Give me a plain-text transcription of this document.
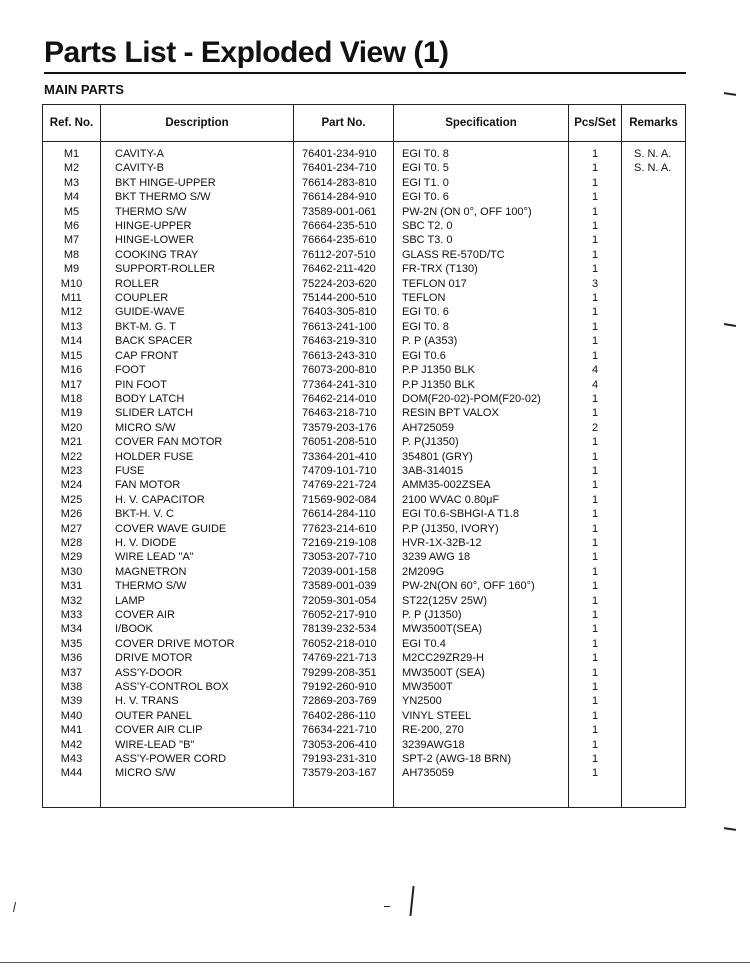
Parts List - Exploded View (1)
MAIN PARTS
Ref. No.	Description	Part No.	Specification	Pcs/Set	Remarks
M1	CAVITY-A	76401-234-910	EGI T0. 8	1	S. N. A.
M2	CAVITY-B	76401-234-710	EGI T0. 5	1	S. N. A.
M3	BKT HINGE-UPPER	76614-283-810	EGI T1. 0	1	
M4	BKT THERMO S/W	76614-284-910	EGI T0. 6	1	
M5	THERMO S/W	73589-001-061	PW-2N (ON 0°, OFF 100°)	1	
M6	HINGE-UPPER	76664-235-510	SBC T2. 0	1	
M7	HINGE-LOWER	76664-235-610	SBC T3. 0	1	
M8	COOKING TRAY	76112-207-510	GLASS RE-570D/TC	1	
M9	SUPPORT-ROLLER	76462-211-420	FR-TRX (T130)	1	
M10	ROLLER	75224-203-620	TEFLON 017	3	
M11	COUPLER	75144-200-510	TEFLON	1	
M12	GUIDE-WAVE	76403-305-810	EGI T0. 6	1	
M13	BKT-M. G. T	76613-241-100	EGI T0. 8	1	
M14	BACK SPACER	76463-219-310	P. P (A353)	1	
M15	CAP FRONT	76613-243-310	EGI T0.6	1	
M16	FOOT	76073-200-810	P.P J1350 BLK	4	
M17	PIN FOOT	77364-241-310	P.P J1350 BLK	4	
M18	BODY LATCH	76462-214-010	DOM(F20-02)-POM(F20-02)	1	
M19	SLIDER LATCH	76463-218-710	RESIN BPT VALOX	1	
M20	MICRO S/W	73579-203-176	AH725059	2	
M21	COVER FAN MOTOR	76051-208-510	P. P(J1350)	1	
M22	HOLDER FUSE	73364-201-410	354801 (GRY)	1	
M23	FUSE	74709-101-710	3AB-314015	1	
M24	FAN MOTOR	74769-221-724	AMM35-002ZSEA	1	
M25	H. V. CAPACITOR	71569-902-084	2100 WVAC 0.80μF	1	
M26	BKT-H. V. C	76614-284-110	EGI T0.6-SBHGI-A T1.8	1	
M27	COVER WAVE GUIDE	77623-214-610	P.P (J1350, IVORY)	1	
M28	H. V. DIODE	72169-219-108	HVR-1X-32B-12	1	
M29	WIRE LEAD "A"	73053-207-710	3239 AWG 18	1	
M30	MAGNETRON	72039-001-158	2M209G	1	
M31	THERMO S/W	73589-001-039	PW-2N(ON 60°, OFF 160°)	1	
M32	LAMP	72059-301-054	ST22(125V 25W)	1	
M33	COVER AIR	76052-217-910	P. P (J1350)	1	
M34	I/BOOK	78139-232-534	MW3500T(SEA)	1	
M35	COVER DRIVE MOTOR	76052-218-010	EGI T0.4	1	
M36	DRIVE MOTOR	74769-221-713	M2CC29ZR29-H	1	
M37	ASS'Y-DOOR	79299-208-351	MW3500T (SEA)	1	
M38	ASS'Y-CONTROL BOX	79192-260-910	MW3500T	1	
M39	H. V. TRANS	72869-203-769	YN2500	1	
M40	OUTER PANEL	76402-286-110	VINYL STEEL	1	
M41	COVER AIR CLIP	76634-221-710	RE-200, 270	1	
M42	WIRE-LEAD "B"	73053-206-410	3239AWG18	1	
M43	ASS'Y-POWER CORD	79193-231-310	SPT-2 (AWG-18 BRN)	1	
M44	MICRO S/W	73579-203-167	AH735059	1	
